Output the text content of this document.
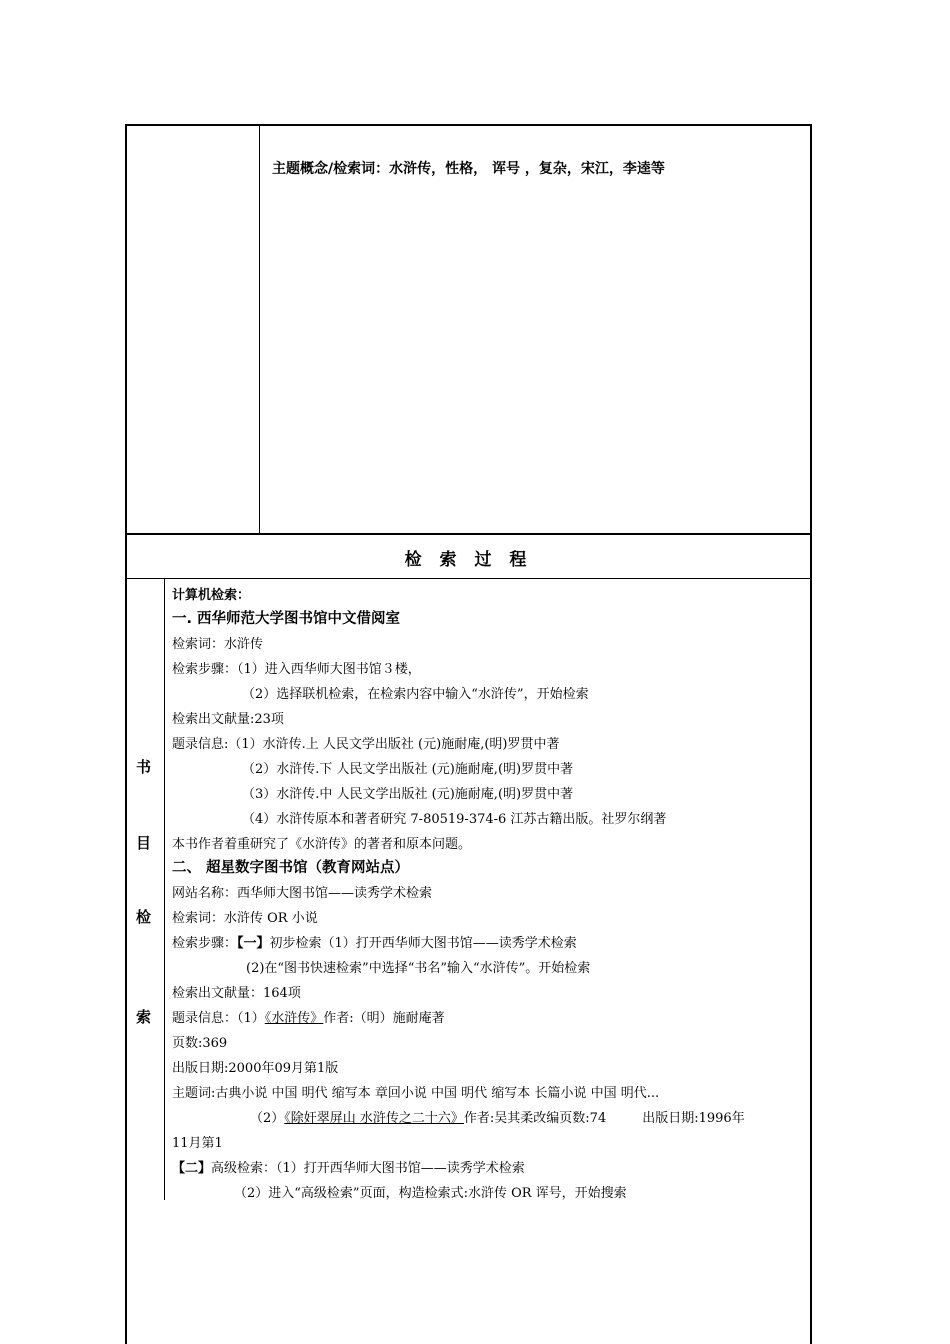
主题概念/检索词：水浒传，性格， 诨号 ，复杂，宋江，李逵等
检 索 过 程
书
目
检
索
计算机检索：
一. 西华师范大学图书馆中文借阅室
检索词：水浒传
检索步骤：（1）进入西华师大图书馆３楼，
（2）选择联机检索，在检索内容中输入“水浒传”，开始检索
检索出文献量:23项
题录信息:（1）水浒传.上 人民文学出版社 (元)施耐庵,(明)罗贯中著
（2）水浒传.下 人民文学出版社 (元)施耐庵,(明)罗贯中著
（3）水浒传.中 人民文学出版社 (元)施耐庵,(明)罗贯中著
（4）水浒传原本和著者研究 7-80519-374-6 江苏古籍出版。社罗尔纲著
本书作者着重研究了《水浒传》的著者和原本问题。
二、 超星数字图书馆（教育网站点）
网站名称：西华师大图书馆——读秀学术检索
检索词：水浒传 OR 小说
检索步骤：【一】初步检索（1）打开西华师大图书馆——读秀学术检索
(2)在“图书快速检索”中选择“书名”输入“水浒传”。开始检索
检索出文献量：164项
题录信息：（1）《水浒传》作者:（明）施耐庵著
页数:369
出版日期:2000年09月第1版
主题词:古典小说 中国 明代 缩写本 章回小说 中国 明代 缩写本 长篇小说 中国 明代...
（2）《除奸翠屏山 水浒传之二十六》作者:吴其柔改编页数:74	出版日期:1996年
11月第1
【二】高级检索：（1）打开西华师大图书馆——读秀学术检索
（2）进入“高级检索”页面，构造检索式:水浒传 OR 诨号，开始搜索
